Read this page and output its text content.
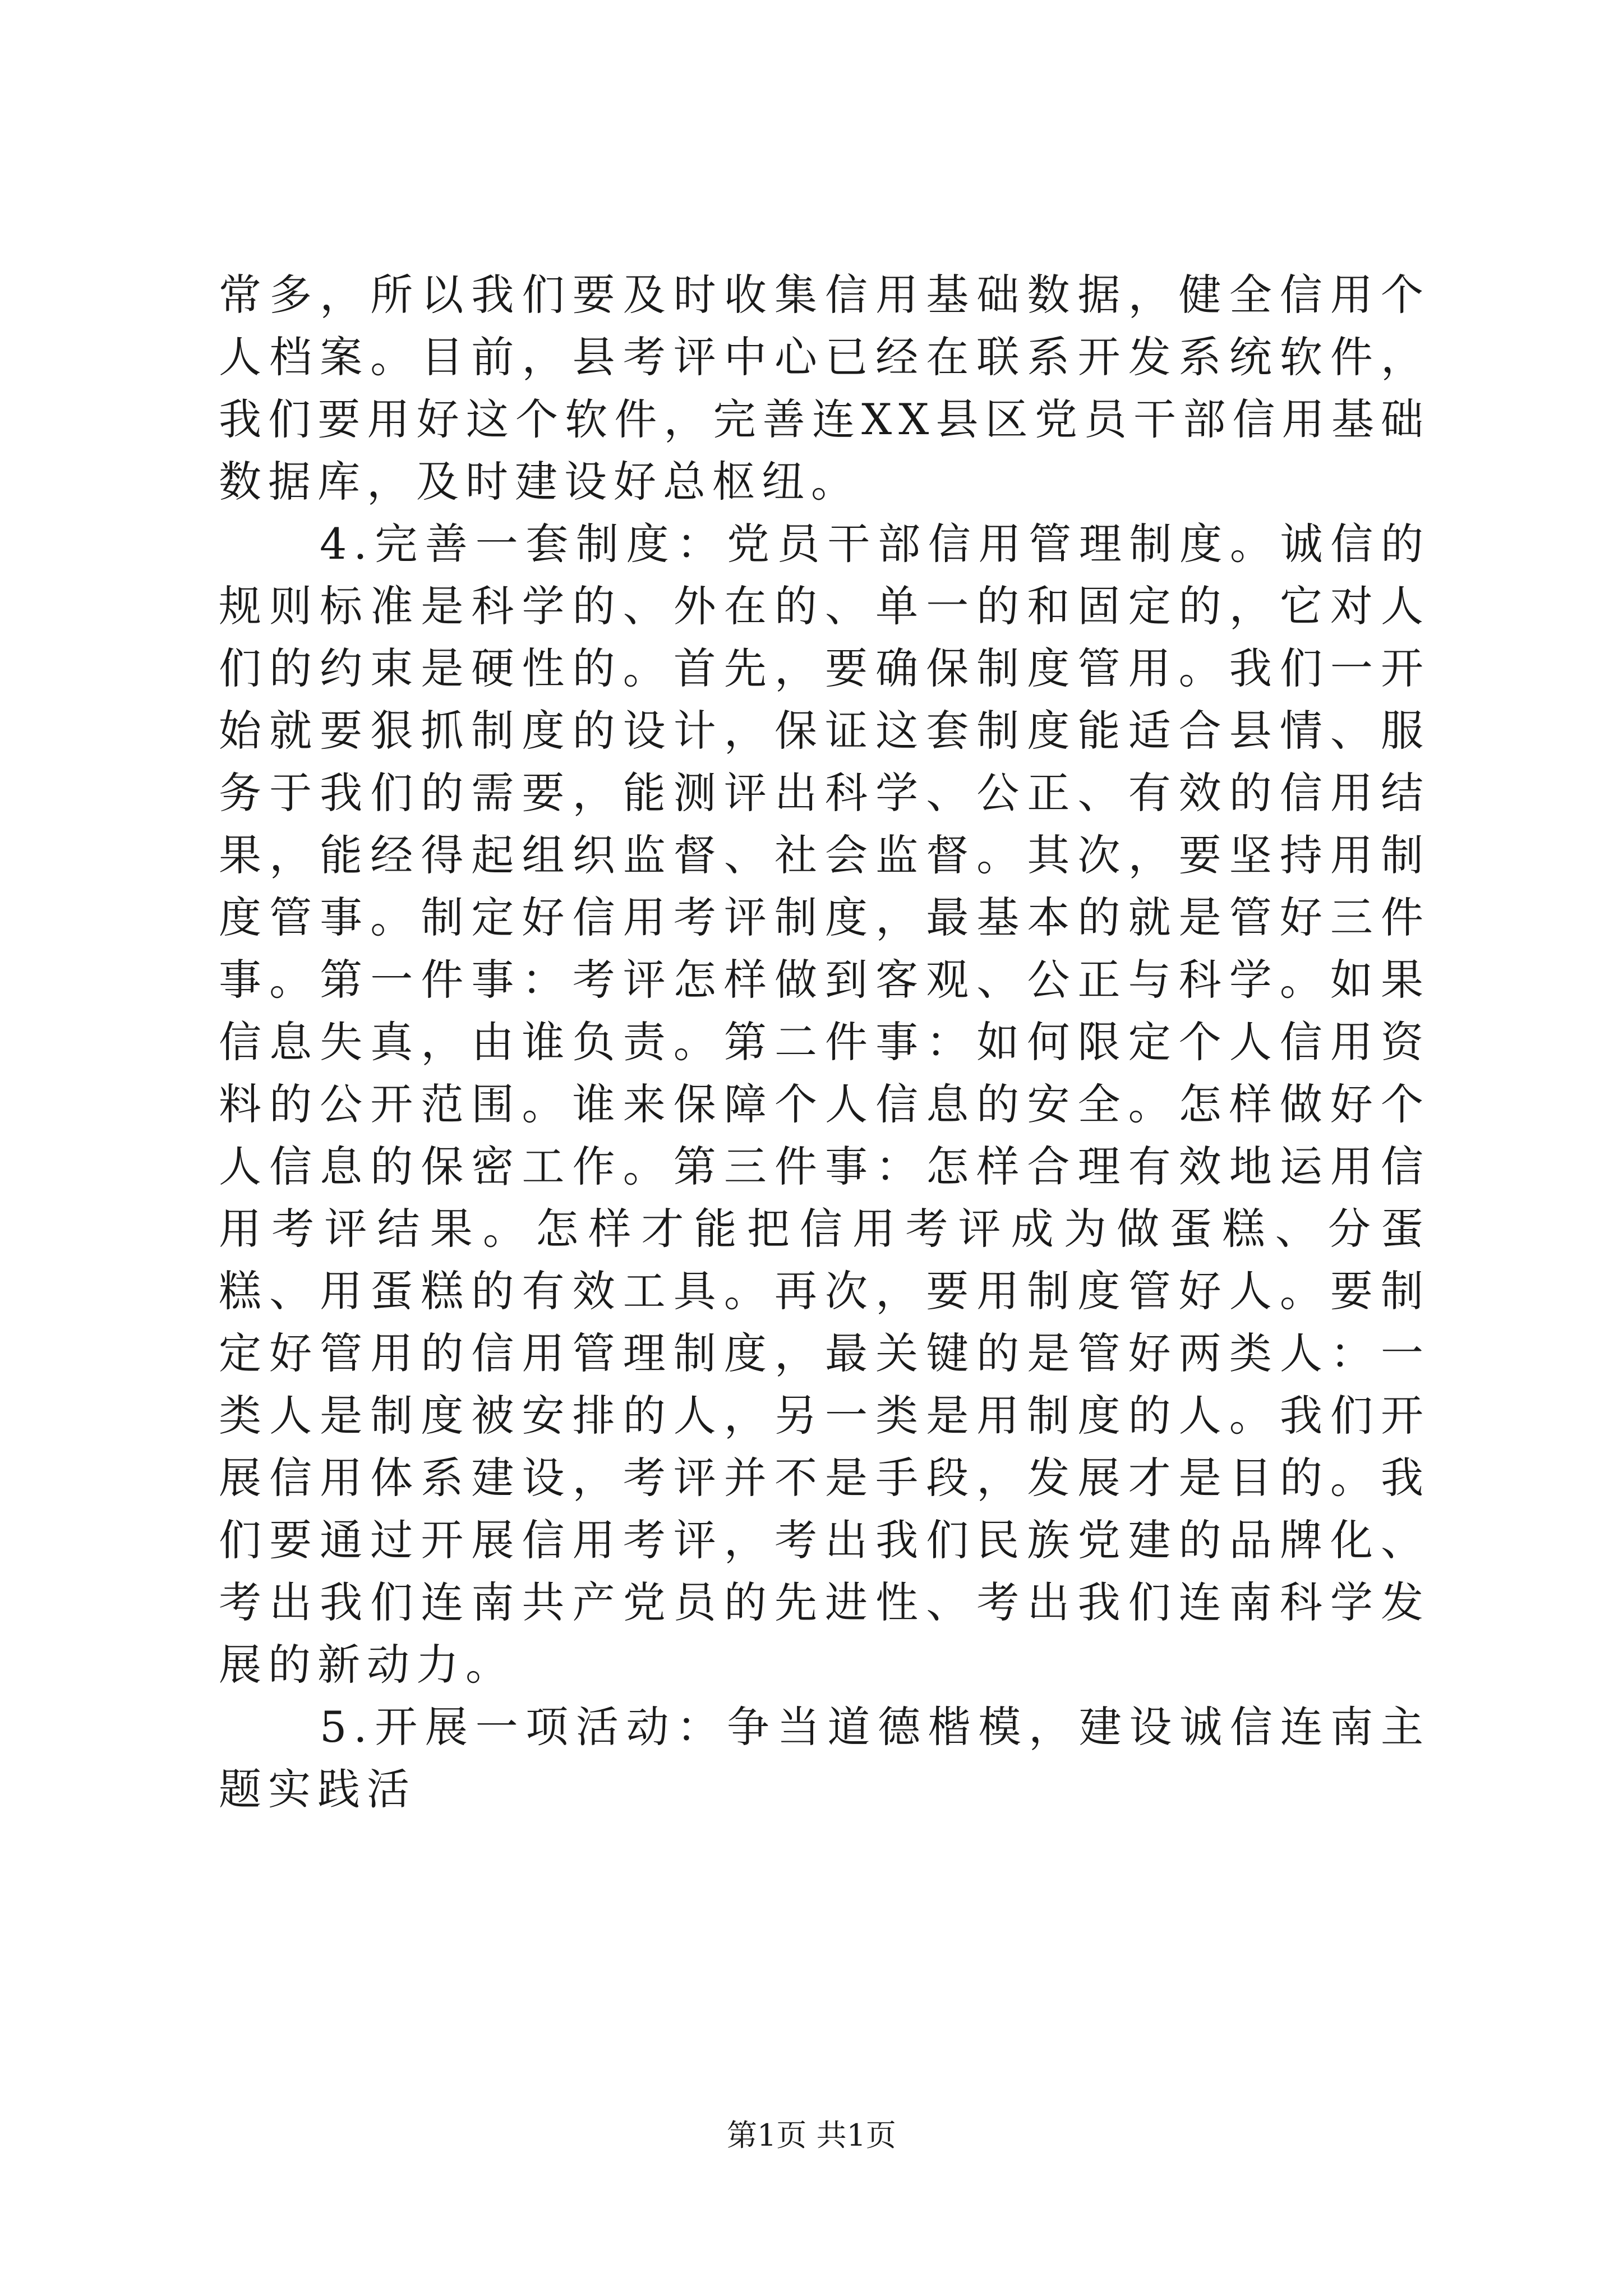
常多，所以我们要及时收集信用基础数据，健全信用个人档案。目前，县考评中心已经在联系开发系统软件，我们要用好这个软件，完善连XX县区党员干部信用基础数据库，及时建设好总枢纽。

4.完善一套制度：党员干部信用管理制度。诚信的规则标准是科学的、外在的、单一的和固定的，它对人们的约束是硬性的。首先，要确保制度管用。我们一开始就要狠抓制度的设计，保证这套制度能适合县情、服务于我们的需要，能测评出科学、公正、有效的信用结果，能经得起组织监督、社会监督。其次，要坚持用制度管事。制定好信用考评制度，最基本的就是管好三件事。第一件事：考评怎样做到客观、公正与科学。如果信息失真，由谁负责。第二件事：如何限定个人信用资料的公开范围。谁来保障个人信息的安全。怎样做好个人信息的保密工作。第三件事：怎样合理有效地运用信用考评结果。怎样才能把信用考评成为做蛋糕、分蛋糕、用蛋糕的有效工具。再次，要用制度管好人。要制定好管用的信用管理制度，最关键的是管好两类人：一类人是制度被安排的人，另一类是用制度的人。我们开展信用体系建设，考评并不是手段，发展才是目的。我们要通过开展信用考评，考出我们民族党建的品牌化、考出我们连南共产党员的先进性、考出我们连南科学发展的新动力。

5.开展一项活动：争当道德楷模，建设诚信连南主题实践活

第1页 共1页
